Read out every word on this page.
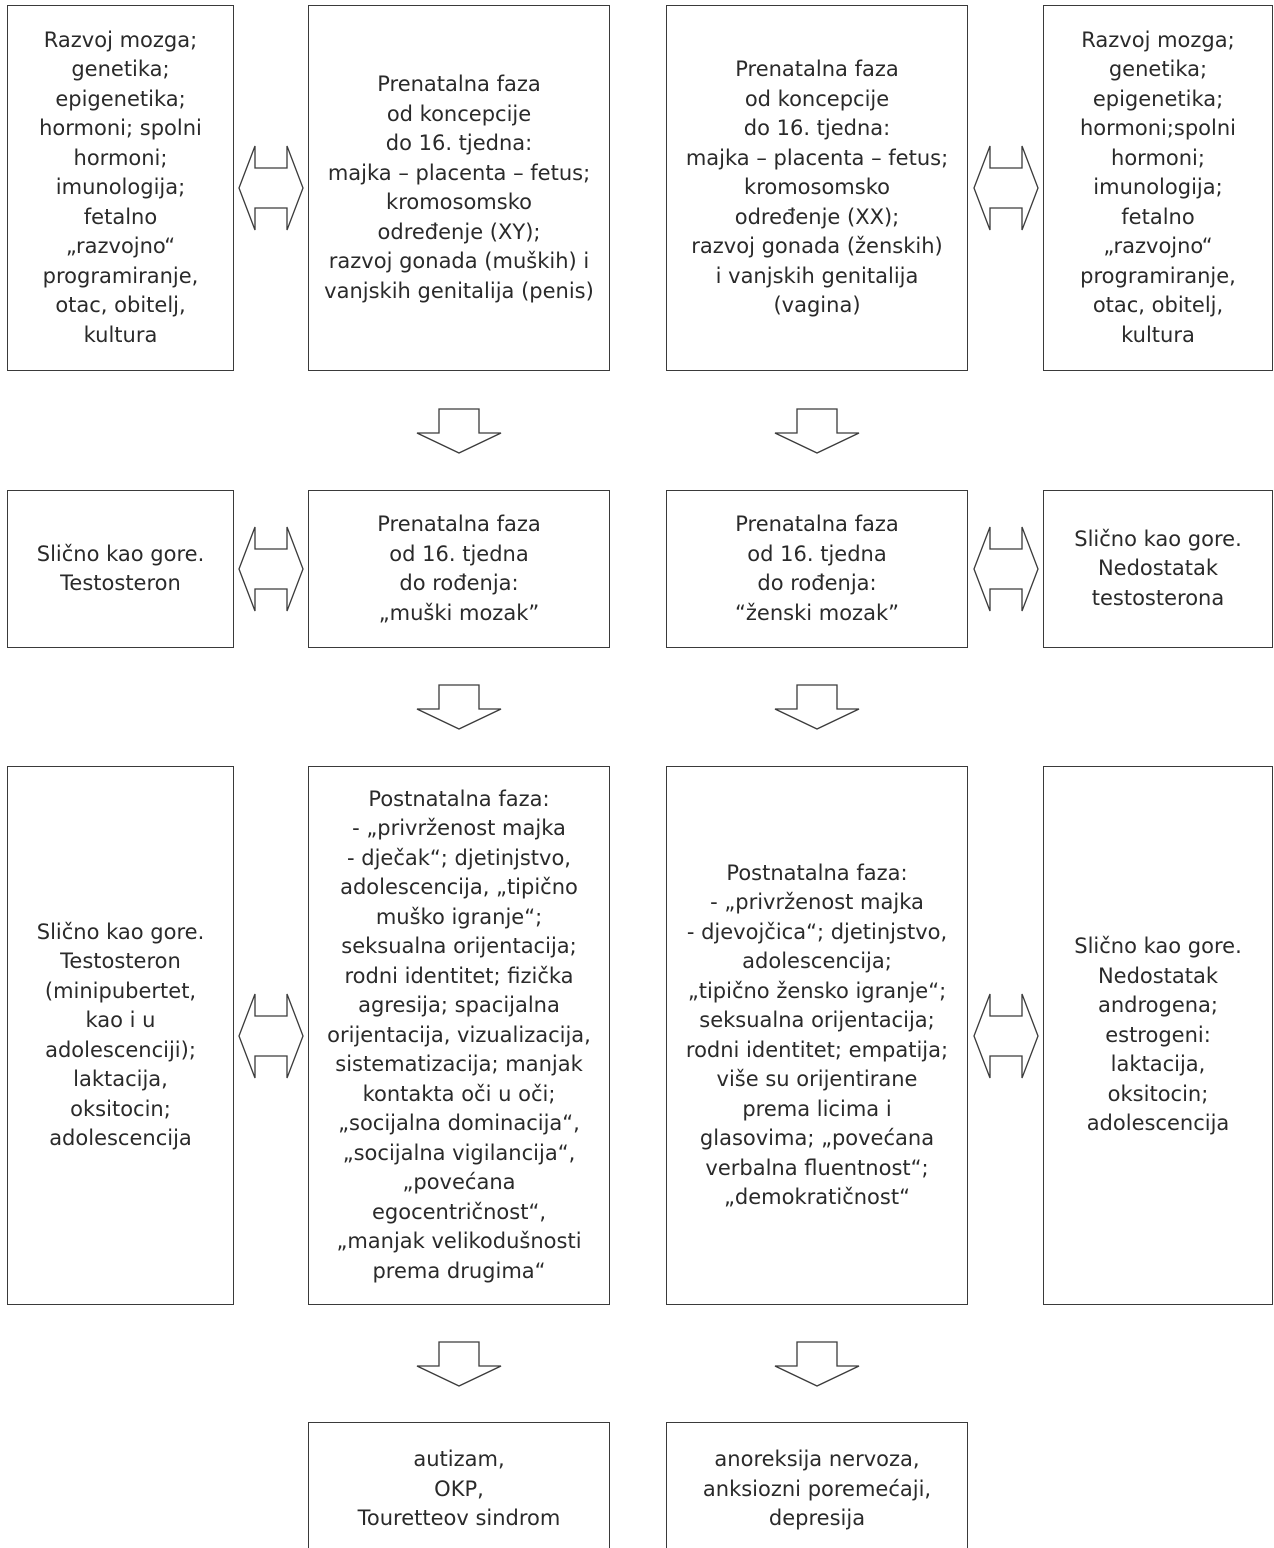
Razvoj mozga;
genetika;
epigenetika;
hormoni; spolni
hormoni;
imunologija;
fetalno
„razvojno“
programiranje,
otac, obitelj,
kultura
Prenatalna faza
od koncepcije
do 16. tjedna:
majka – placenta – fetus;
kromosomsko
određenje (XY);
razvoj gonada (muških) i
vanjskih genitalija (penis)
Prenatalna faza
od koncepcije
do 16. tjedna:
majka – placenta – fetus;
kromosomsko
određenje (XX);
razvoj gonada (ženskih)
i vanjskih genitalija
(vagina)
Razvoj mozga;
genetika;
epigenetika;
hormoni;spolni
hormoni;
imunologija;
fetalno
„razvojno“
programiranje,
otac, obitelj,
kultura
Slično kao gore.
Testosteron
Prenatalna faza
od 16. tjedna
do rođenja:
„muški mozak”
Prenatalna faza
od 16. tjedna
do rođenja:
“ženski mozak”
Slično kao gore.
Nedostatak
testosterona
Slično kao gore.
Testosteron
(minipubertet,
kao i u
adolescenciji);
laktacija,
oksitocin;
adolescencija
Postnatalna faza:
- „privrženost majka
- dječak“; djetinjstvo,
adolescencija, „tipično
muško igranje“;
seksualna orijentacija;
rodni identitet; fizička
agresija; spacijalna
orijentacija, vizualizacija,
sistematizacija; manjak
kontakta oči u oči;
„socijalna dominacija“,
„socijalna vigilancija“,
„povećana
egocentričnost“,
„manjak velikodušnosti
prema drugima“
Postnatalna faza:
- „privrženost majka
- djevojčica“; djetinjstvo,
adolescencija;
„tipično žensko igranje“;
seksualna orijentacija;
rodni identitet; empatija;
više su orijentirane
prema licima i
glasovima; „povećana
verbalna fluentnost“;
„demokratičnost“
Slično kao gore.
Nedostatak
androgena;
estrogeni:
laktacija,
oksitocin;
adolescencija
autizam,
OKP,
Touretteov sindrom
anoreksija nervoza,
anksiozni poremećaji,
depresija
